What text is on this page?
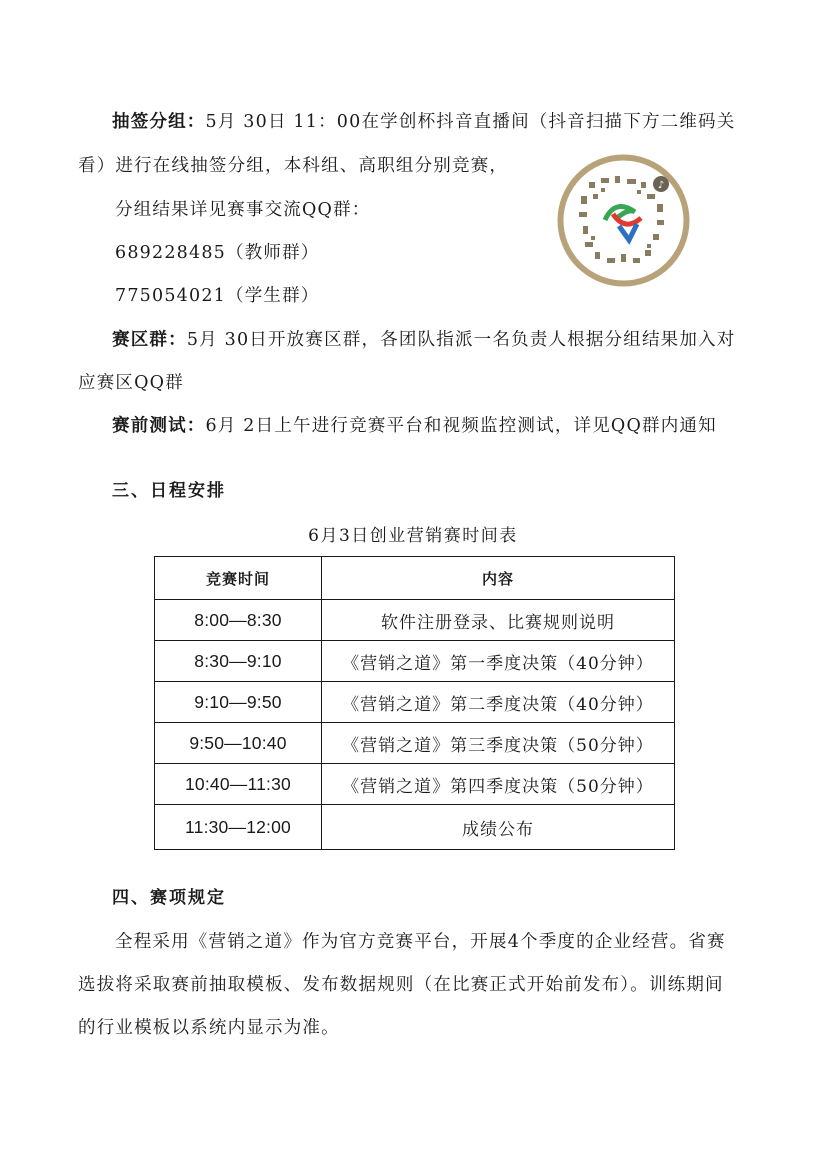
抽签分组：5月 30日 11：00在学创杯抖音直播间（抖音扫描下方二维码关
看）进行在线抽签分组，本科组、高职组分别竞赛，
分组结果详见赛事交流QQ群：
689228485（教师群）
775054021（学生群）
♪
赛区群：5月 30日开放赛区群，各团队指派一名负责人根据分组结果加入对
应赛区QQ群
赛前测试：6月 2日上午进行竞赛平台和视频监控测试，详见QQ群内通知
三、日程安排
6月3日创业营销赛时间表
竞赛时间	内容
8:00—8:30	软件注册登录、比赛规则说明
8:30—9:10	《营销之道》第一季度决策（40分钟）
9:10—9:50	《营销之道》第二季度决策（40分钟）
9:50—10:40	《营销之道》第三季度决策（50分钟）
10:40—11:30	《营销之道》第四季度决策（50分钟）
11:30—12:00	成绩公布
四、赛项规定
全程采用《营销之道》作为官方竞赛平台，开展4个季度的企业经营。省赛
选拔将采取赛前抽取模板、发布数据规则（在比赛正式开始前发布）。训练期间
的行业模板以系统内显示为准。
